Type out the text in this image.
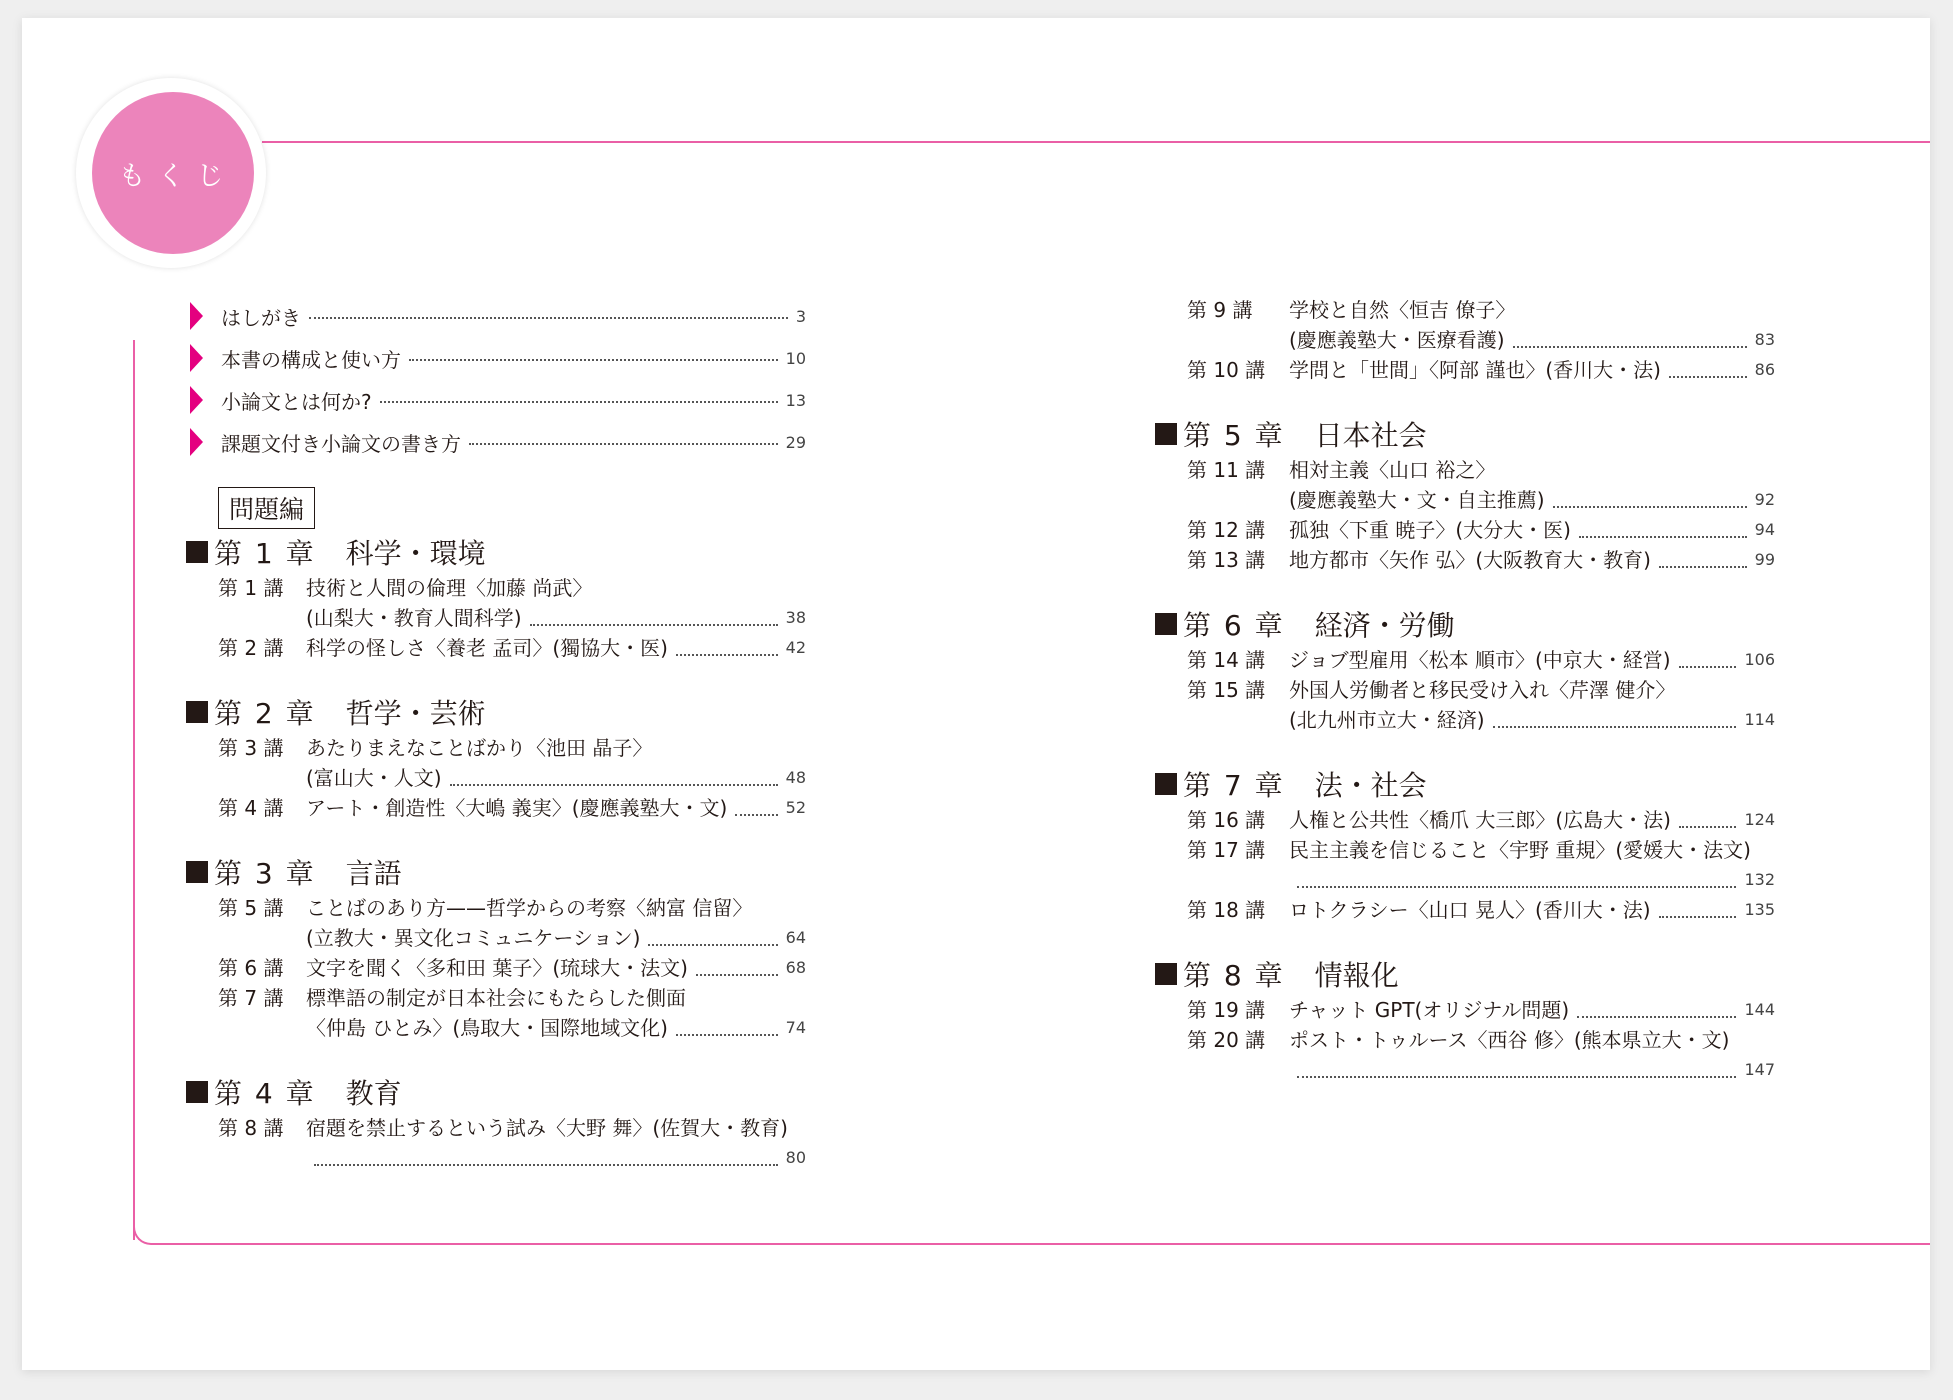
もくじ
はしがき	3
本書の構成と使い方	10
小論文とは何か?	13
課題文付き小論文の書き方	29
問題編
第 1 章 科学・環境
第 1 講	技術と人間の倫理〈加藤 尚武〉
(山梨大・教育人間科学)	38
第 2 講	科学の怪しさ〈養老 孟司〉(獨協大・医)	42
第 2 章 哲学・芸術
第 3 講	あたりまえなことばかり〈池田 晶子〉
(富山大・人文)	48
第 4 講	アート・創造性〈大嶋 義実〉(慶應義塾大・文)	52
第 3 章 言語
第 5 講	ことばのあり方——哲学からの考察〈納富 信留〉
(立教大・異文化コミュニケーション)	64
第 6 講	文字を聞く〈多和田 葉子〉(琉球大・法文)	68
第 7 講	標準語の制定が日本社会にもたらした側面
〈仲島 ひとみ〉(鳥取大・国際地域文化)	74
第 4 章 教育
第 8 講	宿題を禁止するという試み〈大野 舞〉(佐賀大・教育)
80
第 9 講	学校と自然〈恒吉 僚子〉
(慶應義塾大・医療看護)	83
第 10 講	学問と「世間」〈阿部 謹也〉(香川大・法)	86
第 5 章 日本社会
第 11 講	相対主義〈山口 裕之〉
(慶應義塾大・文・自主推薦)	92
第 12 講	孤独〈下重 暁子〉(大分大・医)	94
第 13 講	地方都市〈矢作 弘〉(大阪教育大・教育)	99
第 6 章 経済・労働
第 14 講	ジョブ型雇用〈松本 順市〉(中京大・経営)	106
第 15 講	外国人労働者と移民受け入れ〈芹澤 健介〉
(北九州市立大・経済)	114
第 7 章 法・社会
第 16 講	人権と公共性〈橋爪 大三郎〉(広島大・法)	124
第 17 講	民主主義を信じること〈宇野 重規〉(愛媛大・法文)
132
第 18 講	ロトクラシー〈山口 晃人〉(香川大・法)	135
第 8 章 情報化
第 19 講	チャット GPT(オリジナル問題)	144
第 20 講	ポスト・トゥルース〈西谷 修〉(熊本県立大・文)
147
